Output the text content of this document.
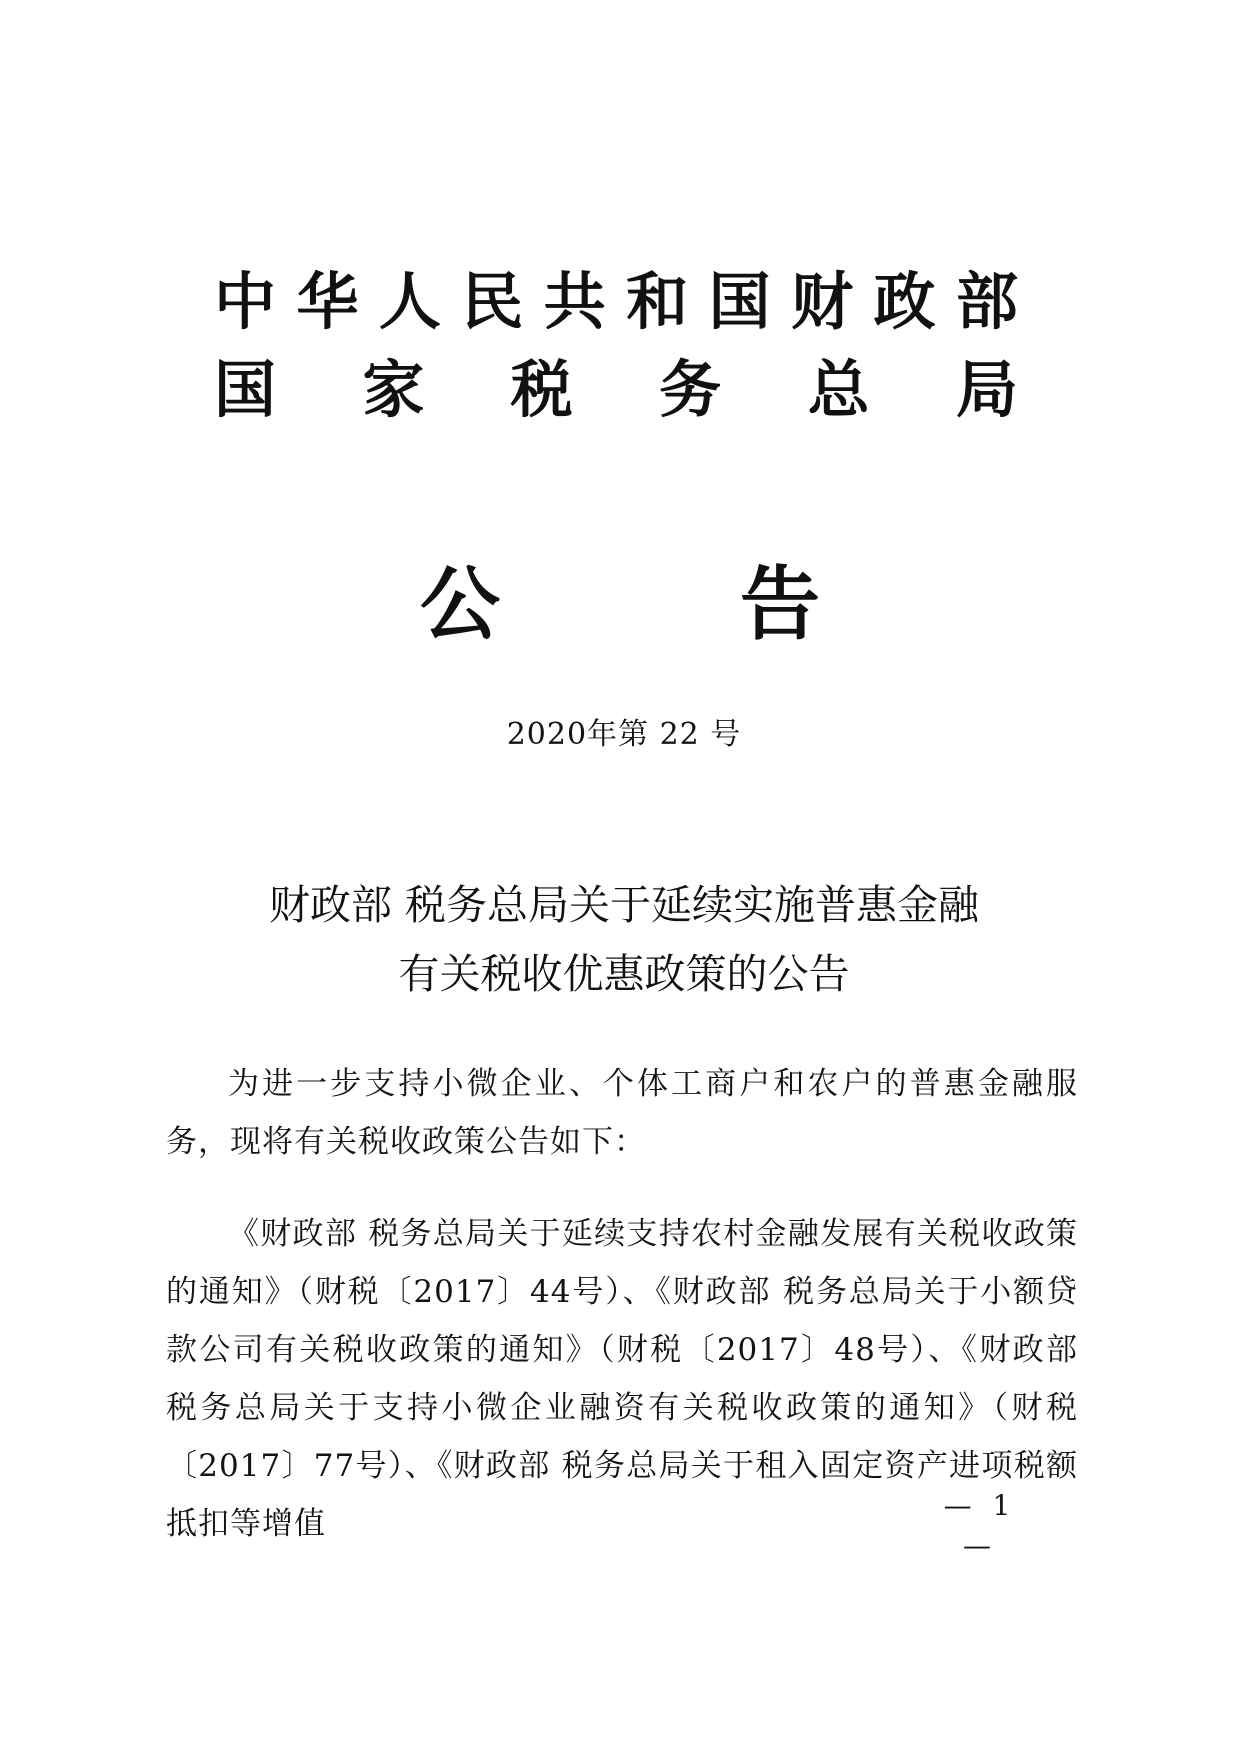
中 华 人 民 共 和 国 财 政 部
国 家 税 务 总 局
公	告
2020年第 22 号
财政部 税务总局关于延续实施普惠金融
有关税收优惠政策的公告

为进一步支持小微企业、个体工商户和农户的普惠金融服务，现将有关税收政策公告如下：

《财政部 税务总局关于延续支持农村金融发展有关税收政策的通知》（财税〔2017〕44号）、《财政部 税务总局关于小额贷款公司有关税收政策的通知》（财税〔2017〕48号）、《财政部 税务总局关于支持小微企业融资有关税收政策的通知》（财税〔2017〕77号）、《财政部 税务总局关于租入固定资产进项税额抵扣等增值

— 1 —
